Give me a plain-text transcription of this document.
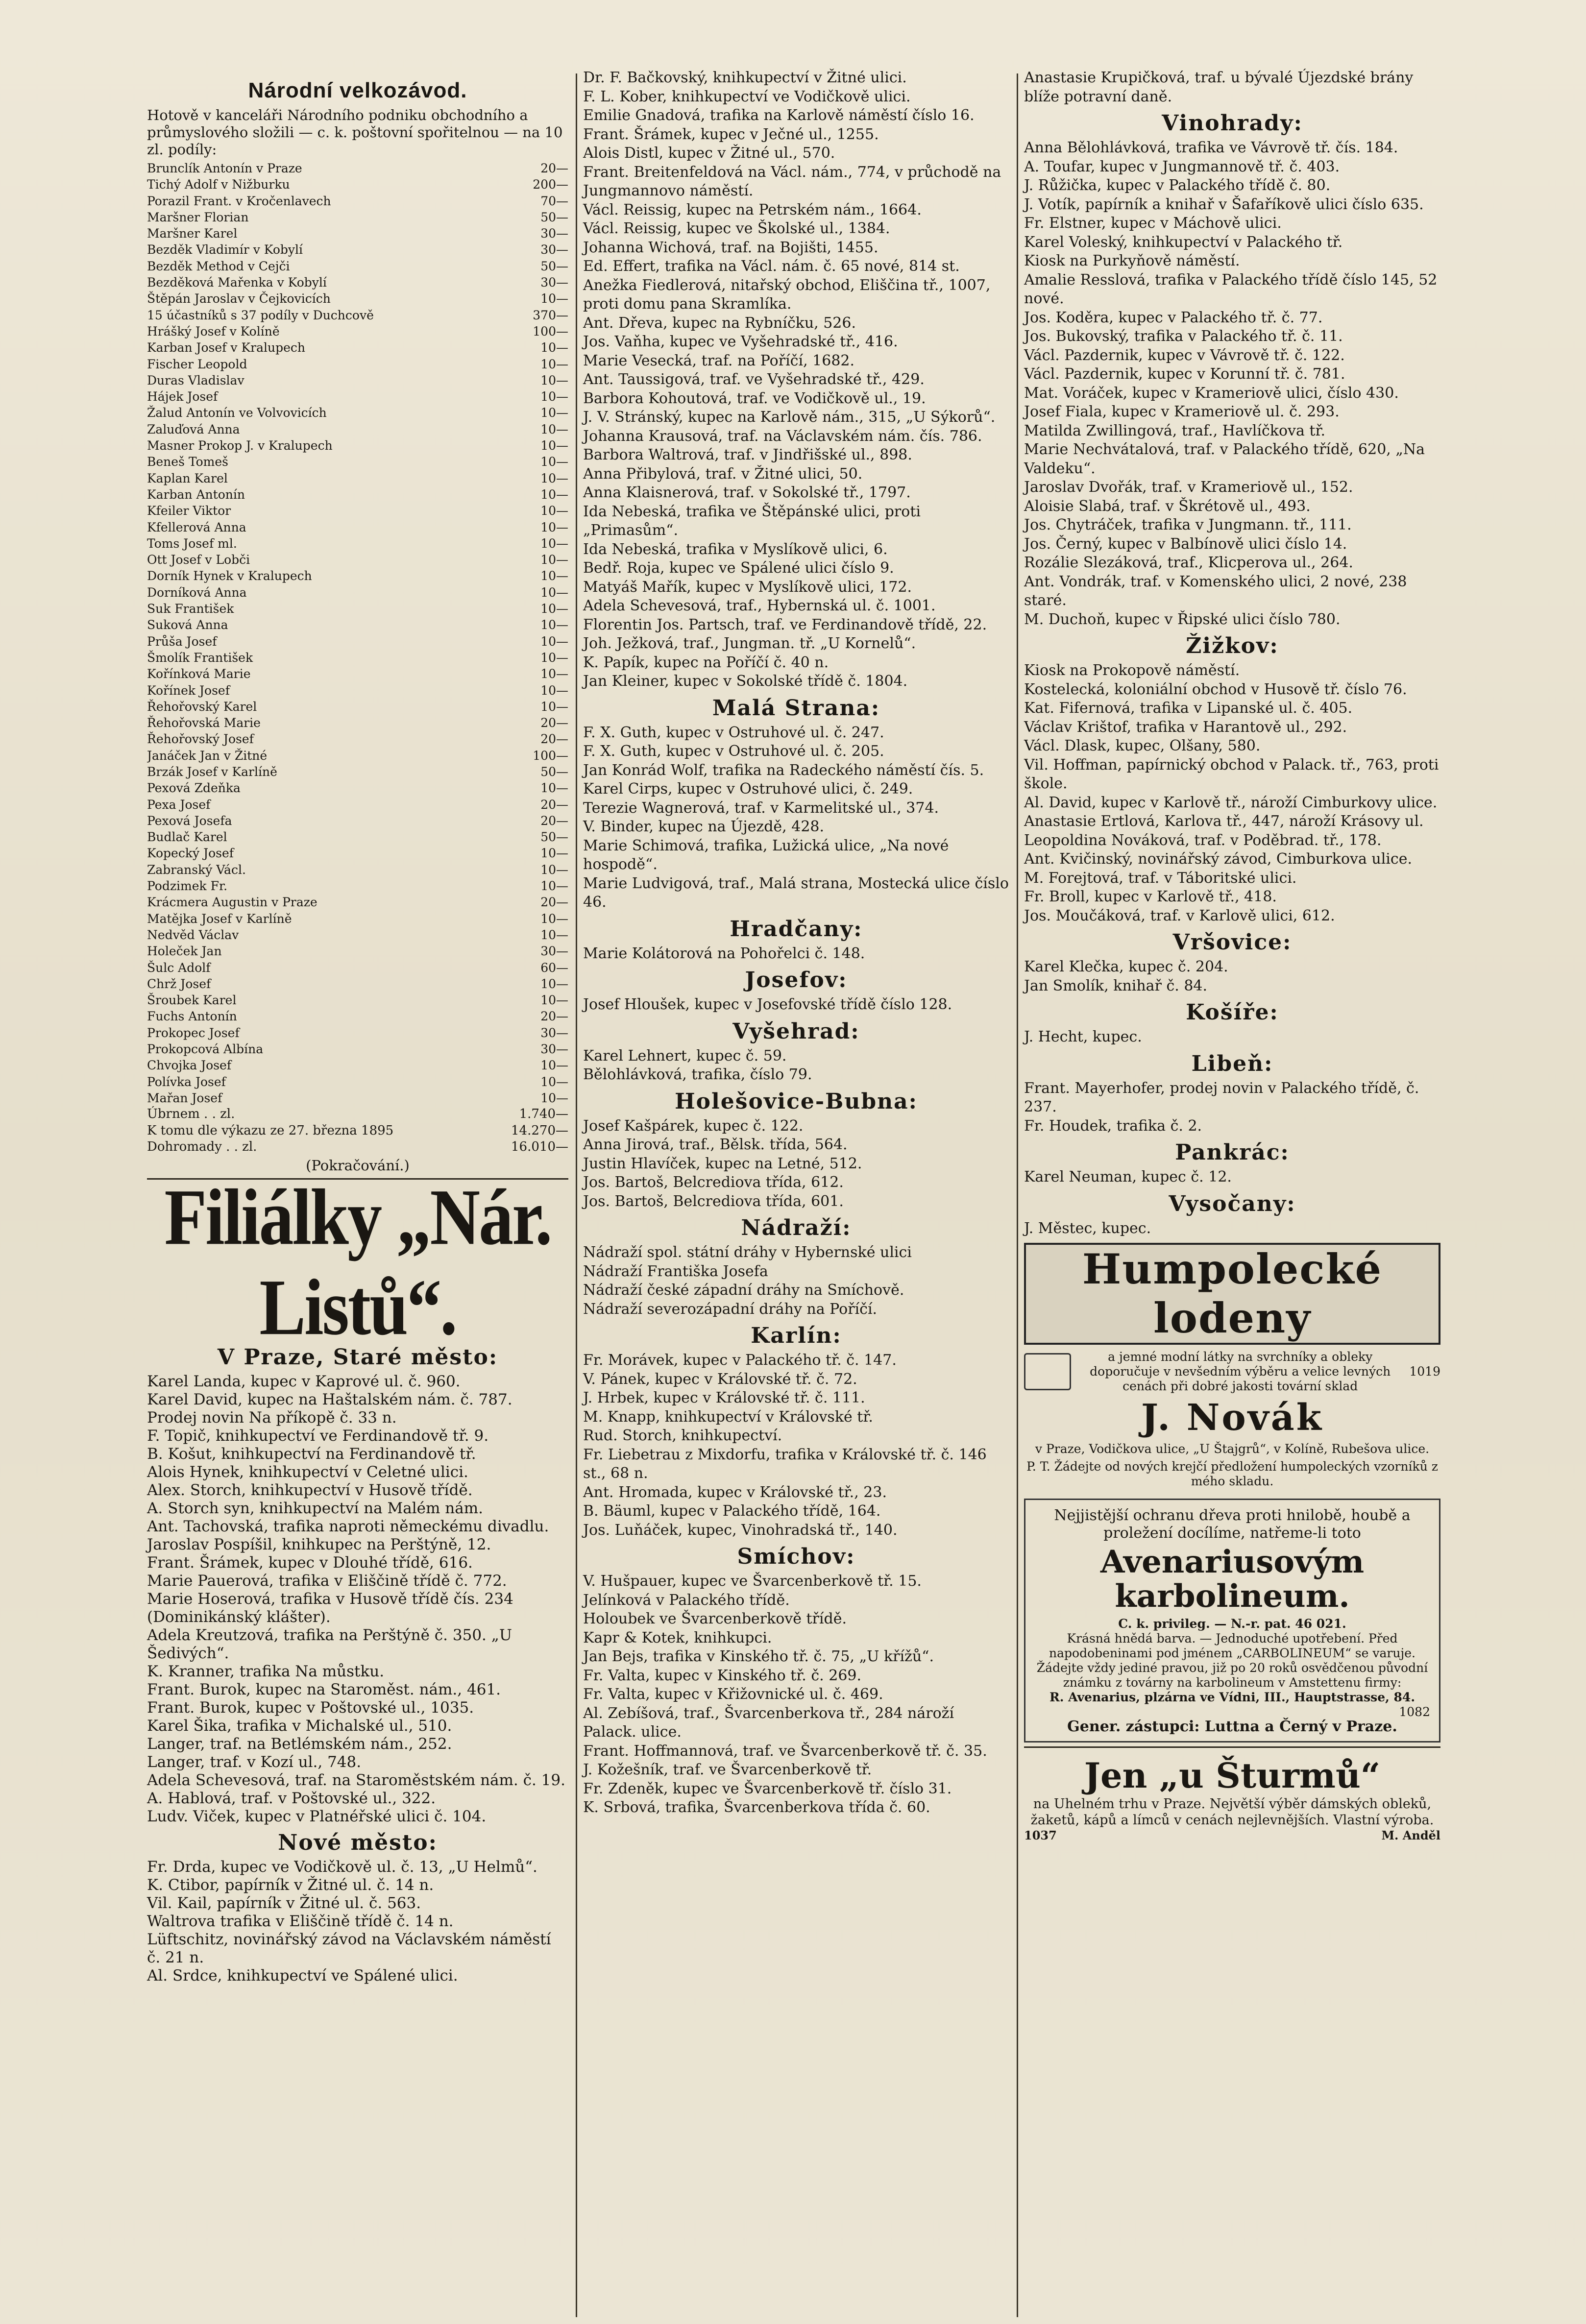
Národní velkozávod.

Hotově v kanceláři Národního podniku obchodního a průmyslového složili — c. k. poštovní spořitelnou — na 10 zl. podíly:

Brunclík Antonín v Praze	20—
Tichý Adolf v Nižburku	200—
Porazil Frant. v Kročenlavech	70—
Maršner Florian	50—
Maršner Karel	30—
Bezděk Vladimír v Kobylí	30—
Bezděk Method v Cejči	50—
Bezděková Mařenka v Kobylí	30—
Štěpán Jaroslav v Čejkovicích	10—
15 účastníků s 37 podíly v Duchcově	370—
Hrášký Josef v Kolíně	100—
Karban Josef v Kralupech	10—
Fischer Leopold	10—
Duras Vladislav	10—
Hájek Josef	10—
Žalud Antonín ve Volvovicích	10—
Zaluďová Anna	10—
Masner Prokop J. v Kralupech	10—
Beneš Tomeš	10—
Kaplan Karel	10—
Karban Antonín	10—
Kfeiler Viktor	10—
Kfellerová Anna	10—
Toms Josef ml.	10—
Ott Josef v Lobči	10—
Dorník Hynek v Kralupech	10—
Dorníková Anna	10—
Suk František	10—
Suková Anna	10—
Průša Josef	10—
Šmolík František	10—
Kořínková Marie	10—
Kořínek Josef	10—
Řehořovský Karel	10—
Řehořovská Marie	20—
Řehořovský Josef	20—
Janáček Jan v Žitné	100—
Brzák Josef v Karlíně	50—
Pexová Zdeňka	10—
Pexa Josef	20—
Pexová Josefa	20—
Budlač Karel	50—
Kopecký Josef	10—
Zabranský Václ.	10—
Podzimek Fr.	10—
Krácmera Augustin v Praze	20—
Matějka Josef v Karlíně	10—
Nedvěd Václav	10—
Holeček Jan	30—
Šulc Adolf	60—
Chrž Josef	10—
Šroubek Karel	10—
Fuchs Antonín	20—
Prokopec Josef	30—
Prokopcová Albína	30—
Chvojka Josef	10—
Polívka Josef	10—
Mařan Josef	10—
Úbrnem . . zl.	1.740—
K tomu dle výkazu ze 27. března 1895	14.270—
Dohromady . . zl.	16.010—
(Pokračování.)
Filiálky „Nár. Listů“.
V Praze, Staré město:

Karel Landa, kupec v Kaprové ul. č. 960.

Karel David, kupec na Haštalském nám. č. 787.

Prodej novin Na příkopě č. 33 n.

F. Topič, knihkupectví ve Ferdinandově tř. 9.

B. Košut, knihkupectví na Ferdinandově tř.

Alois Hynek, knihkupectví v Celetné ulici.

Alex. Storch, knihkupectví v Husově třídě.

A. Storch syn, knihkupectví na Malém nám.

Ant. Tachovská, trafika naproti německému divadlu.

Jaroslav Pospíšil, knihkupec na Perštýně, 12.

Frant. Šrámek, kupec v Dlouhé třídě, 616.

Marie Pauerová, trafika v Eliščině třídě č. 772.

Marie Hoserová, trafika v Husově třídě čís. 234 (Dominikánský klášter).

Adela Kreutzová, trafika na Perštýně č. 350. „U Šedivých“.

K. Kranner, trafika Na můstku.

Frant. Burok, kupec na Staroměst. nám., 461.

Frant. Burok, kupec v Poštovské ul., 1035.

Karel Šika, trafika v Michalské ul., 510.

Langer, traf. na Betlémském nám., 252.

Langer, traf. v Kozí ul., 748.

Adela Schevesová, traf. na Staroměstském nám. č. 19.

A. Hablová, traf. v Poštovské ul., 322.

Ludv. Viček, kupec v Platnéřské ulici č. 104.

Nové město:

Fr. Drda, kupec ve Vodičkově ul. č. 13, „U Helmů“.

K. Ctibor, papírník v Žitné ul. č. 14 n.

Vil. Kail, papírník v Žitné ul. č. 563.

Waltrova trafika v Eliščině třídě č. 14 n.

Lüftschitz, novinářský závod na Václavském náměstí č. 21 n.

Al. Srdce, knihkupectví ve Spálené ulici.

Dr. F. Bačkovský, knihkupectví v Žitné ulici.

F. L. Kober, knihkupectví ve Vodičkově ulici.

Emilie Gnadová, trafika na Karlově náměstí číslo 16.

Frant. Šrámek, kupec v Ječné ul., 1255.

Alois Distl, kupec v Žitné ul., 570.

Frant. Breitenfeldová na Václ. nám., 774, v průchodě na Jungmannovo náměstí.

Václ. Reissig, kupec na Petrském nám., 1664.

Václ. Reissig, kupec ve Školské ul., 1384.

Johanna Wichová, traf. na Bojišti, 1455.

Ed. Effert, trafika na Václ. nám. č. 65 nové, 814 st.

Anežka Fiedlerová, nitařský obchod, Eliščina tř., 1007, proti domu pana Skramlíka.

Ant. Dřeva, kupec na Rybníčku, 526.

Jos. Vaňha, kupec ve Vyšehradské tř., 416.

Marie Vesecká, traf. na Poříčí, 1682.

Ant. Taussigová, traf. ve Vyšehradské tř., 429.

Barbora Kohoutová, traf. ve Vodičkově ul., 19.

J. V. Stránský, kupec na Karlově nám., 315, „U Sýkorů“.

Johanna Krausová, traf. na Václavském nám. čís. 786.

Barbora Waltrová, traf. v Jindřišské ul., 898.

Anna Přibylová, traf. v Žitné ulici, 50.

Anna Klaisnerová, traf. v Sokolské tř., 1797.

Ida Nebeská, trafika ve Štěpánské ulici, proti „Primasům“.

Ida Nebeská, trafika v Myslíkově ulici, 6.

Bedř. Roja, kupec ve Spálené ulici číslo 9.

Matyáš Mařík, kupec v Myslíkově ulici, 172.

Adela Schevesová, traf., Hybernská ul. č. 1001.

Florentin Jos. Partsch, traf. ve Ferdinandově třídě, 22.

Joh. Ježková, traf., Jungman. tř. „U Kornelů“.

K. Papík, kupec na Poříčí č. 40 n.

Jan Kleiner, kupec v Sokolské třídě č. 1804.

Malá Strana:

F. X. Guth, kupec v Ostruhové ul. č. 247.

F. X. Guth, kupec v Ostruhové ul. č. 205.

Jan Konrád Wolf, trafika na Radeckého náměstí čís. 5.

Karel Cirps, kupec v Ostruhové ulici, č. 249.

Terezie Wagnerová, traf. v Karmelitské ul., 374.

V. Binder, kupec na Újezdě, 428.

Marie Schimová, trafika, Lužická ulice, „Na nové hospodě“.

Marie Ludvigová, traf., Malá strana, Mostecká ulice číslo 46.

Hradčany:

Marie Kolátorová na Pohořelci č. 148.

Josefov:

Josef Hloušek, kupec v Josefovské třídě číslo 128.

Vyšehrad:

Karel Lehnert, kupec č. 59.

Bělohlávková, trafika, číslo 79.

Holešovice-Bubna:

Josef Kašpárek, kupec č. 122.

Anna Jirová, traf., Bělsk. třída, 564.

Justin Hlavíček, kupec na Letné, 512.

Jos. Bartoš, Belcrediova třída, 612.

Jos. Bartoš, Belcrediova třída, 601.

Nádraží:

Nádraží spol. státní dráhy v Hybernské ulici

Nádraží Františka Josefa

Nádraží české západní dráhy na Smíchově.

Nádraží severozápadní dráhy na Poříčí.

Karlín:

Fr. Morávek, kupec v Palackého tř. č. 147.

V. Pánek, kupec v Královské tř. č. 72.

J. Hrbek, kupec v Královské tř. č. 111.

M. Knapp, knihkupectví v Královské tř.

Rud. Storch, knihkupectví.

Fr. Liebetrau z Mixdorfu, trafika v Královské tř. č. 146 st., 68 n.

Ant. Hromada, kupec v Královské tř., 23.

B. Bäuml, kupec v Palackého třídě, 164.

Jos. Luňáček, kupec, Vinohradská tř., 140.

Smíchov:

V. Hušpauer, kupec ve Švarcenberkově tř. 15.

Jelínková v Palackého třídě.

Holoubek ve Švarcenberkově třídě.

Kapr & Kotek, knihkupci.

Jan Bejs, trafika v Kinského tř. č. 75, „U křížů“.

Fr. Valta, kupec v Kinského tř. č. 269.

Fr. Valta, kupec v Křižovnické ul. č. 469.

Al. Zebíšová, traf., Švarcenberkova tř., 284 nároží Palack. ulice.

Frant. Hoffmannová, traf. ve Švarcenberkově tř. č. 35.

J. Kožešník, traf. ve Švarcenberkově tř.

Fr. Zdeněk, kupec ve Švarcenberkově tř. číslo 31.

K. Srbová, trafika, Švarcenberkova třída č. 60.

Anastasie Krupičková, traf. u bývalé Újezdské brány blíže potravní daně.

Vinohrady:

Anna Bělohlávková, trafika ve Vávrově tř. čís. 184.

A. Toufar, kupec v Jungmannově tř. č. 403.

J. Růžička, kupec v Palackého třídě č. 80.

J. Votík, papírník a knihař v Šafaříkově ulici číslo 635.

Fr. Elstner, kupec v Máchově ulici.

Karel Voleský, knihkupectví v Palackého tř.

Kiosk na Purkyňově náměstí.

Amalie Resslová, trafika v Palackého třídě číslo 145, 52 nové.

Jos. Koděra, kupec v Palackého tř. č. 77.

Jos. Bukovský, trafika v Palackého tř. č. 11.

Václ. Pazdernik, kupec v Vávrově tř. č. 122.

Václ. Pazdernik, kupec v Korunní tř. č. 781.

Mat. Voráček, kupec v Krameriově ulici, číslo 430.

Josef Fiala, kupec v Krameriově ul. č. 293.

Matilda Zwillingová, traf., Havlíčkova tř.

Marie Nechvátalová, traf. v Palackého třídě, 620, „Na Valdeku“.

Jaroslav Dvořák, traf. v Krameriově ul., 152.

Aloisie Slabá, traf. v Škrétově ul., 493.

Jos. Chytráček, trafika v Jungmann. tř., 111.

Jos. Černý, kupec v Balbínově ulici číslo 14.

Rozálie Slezáková, traf., Klicperova ul., 264.

Ant. Vondrák, traf. v Komenského ulici, 2 nové, 238 staré.

M. Duchoň, kupec v Řipské ulici číslo 780.

Žižkov:

Kiosk na Prokopově náměstí.

Kostelecká, koloniální obchod v Husově tř. číslo 76.

Kat. Fifernová, trafika v Lipanské ul. č. 405.

Václav Krištof, trafika v Harantově ul., 292.

Václ. Dlask, kupec, Olšany, 580.

Vil. Hoffman, papírnický obchod v Palack. tř., 763, proti škole.

Al. David, kupec v Karlově tř., nároží Cimburkovy ulice.

Anastasie Ertlová, Karlova tř., 447, nároží Krásovy ul.

Leopoldina Nováková, traf. v Poděbrad. tř., 178.

Ant. Kvičinský, novinářský závod, Cimburkova ulice.

M. Forejtová, traf. v Táboritské ulici.

Fr. Broll, kupec v Karlově tř., 418.

Jos. Moučáková, traf. v Karlově ulici, 612.

Vršovice:

Karel Klečka, kupec č. 204.

Jan Smolík, knihař č. 84.

Košíře:

J. Hecht, kupec.

Libeň:

Frant. Mayerhofer, prodej novin v Palackého třídě, č. 237.

Fr. Houdek, trafika č. 2.

Pankrác:

Karel Neuman, kupec č. 12.

Vysočany:

J. Městec, kupec.

Humpolecké lodeny

a jemné modní látky na svrchníky a obleky doporučuje v nevšedním výběru a velice levných cenách při dobré jakosti tovární sklad

1019
J. Novák

v Praze, Vodičkova ulice, „U Štajgrů“, v Kolíně, Rubešova ulice.

P. T. Žádejte od nových krejčí předložení humpoleckých vzorníků z mého skladu.

Nejjistější ochranu dřeva proti hnilobě, houbě a proležení docílíme, natřeme-li toto

Avenariusovým karbolineum.

C. k. privileg. — N.-r. pat. 46 021.

Krásná hnědá barva. — Jednoduché upotřebení. Před napodobeninami pod jménem „CARBOLINEUM“ se varuje. Žádejte vždy jediné pravou, již po 20 roků osvědčenou původní známku z továrny na karbolineum v Amstettenu firmy:

R. Avenarius, plzárna ve Vídni, III., Hauptstrasse, 84.

1082

Gener. zástupci: Luttna a Černý v Praze.

Jen „u Šturmů“

na Uhelném trhu v Praze. Největší výběr dámských obleků, žaketů, kápů a límců v cenách nejlevnějších. Vlastní výroba.

1037	M. Anděl
